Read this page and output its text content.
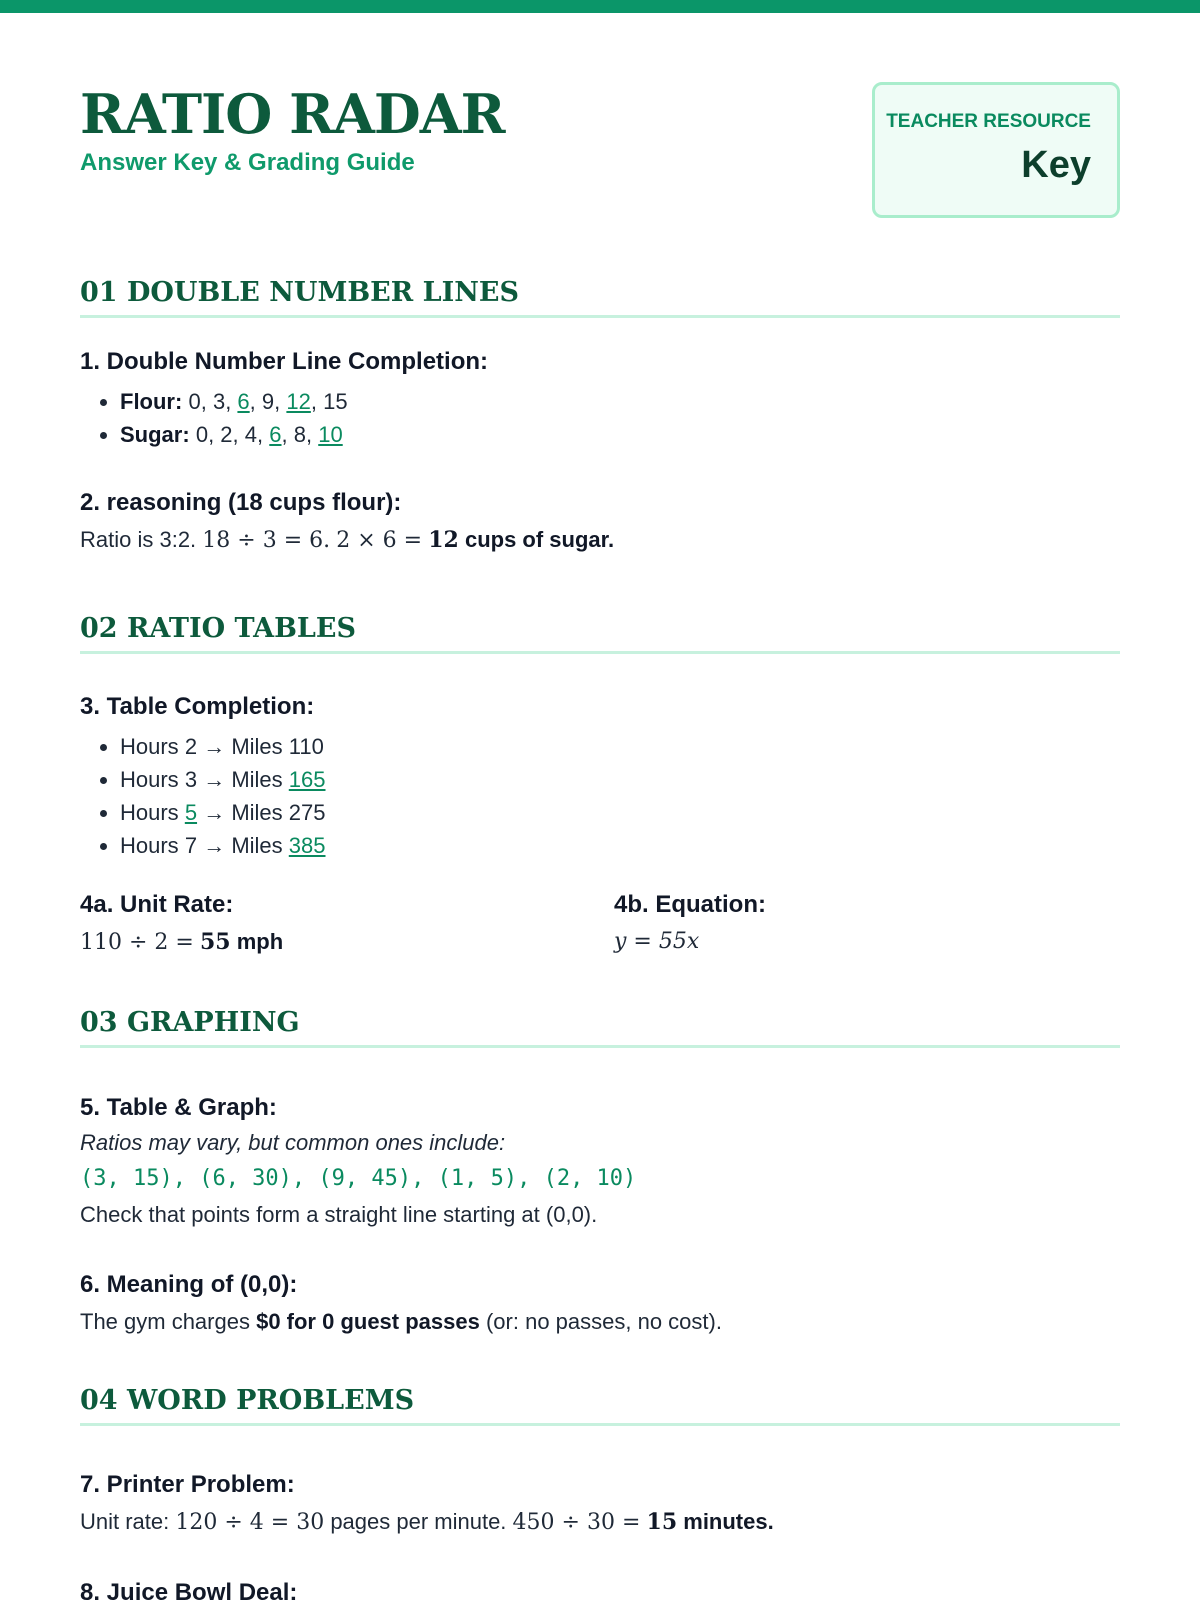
RATIO RADAR
Answer Key & Grading Guide
TEACHER RESOURCE
Key
01 DOUBLE NUMBER LINES
1. Double Number Line Completion:
• Flour: 0, 3, 6, 9, 12, 15
• Sugar: 0, 2, 4, 6, 8, 10
2. reasoning (18 cups flour):
Ratio is 3:2. 18 ÷ 3 = 6. 2 × 6 = 12 cups of sugar.
02 RATIO TABLES
3. Table Completion:
• Hours 2 → Miles 110
• Hours 3 → Miles 165
• Hours 5 → Miles 275
• Hours 7 → Miles 385
4a. Unit Rate:
110 ÷ 2 = 55 mph
4b. Equation:
y = 55x
03 GRAPHING
5. Table & Graph:
Ratios may vary, but common ones include:
(3, 15), (6, 30), (9, 45), (1, 5), (2, 10)
Check that points form a straight line starting at (0,0).
6. Meaning of (0,0):
The gym charges $0 for 0 guest passes (or: no passes, no cost).
04 WORD PROBLEMS
7. Printer Problem:
Unit rate: 120 ÷ 4 = 30 pages per minute. 450 ÷ 30 = 15 minutes.
8. Juice Bowl Deal:
